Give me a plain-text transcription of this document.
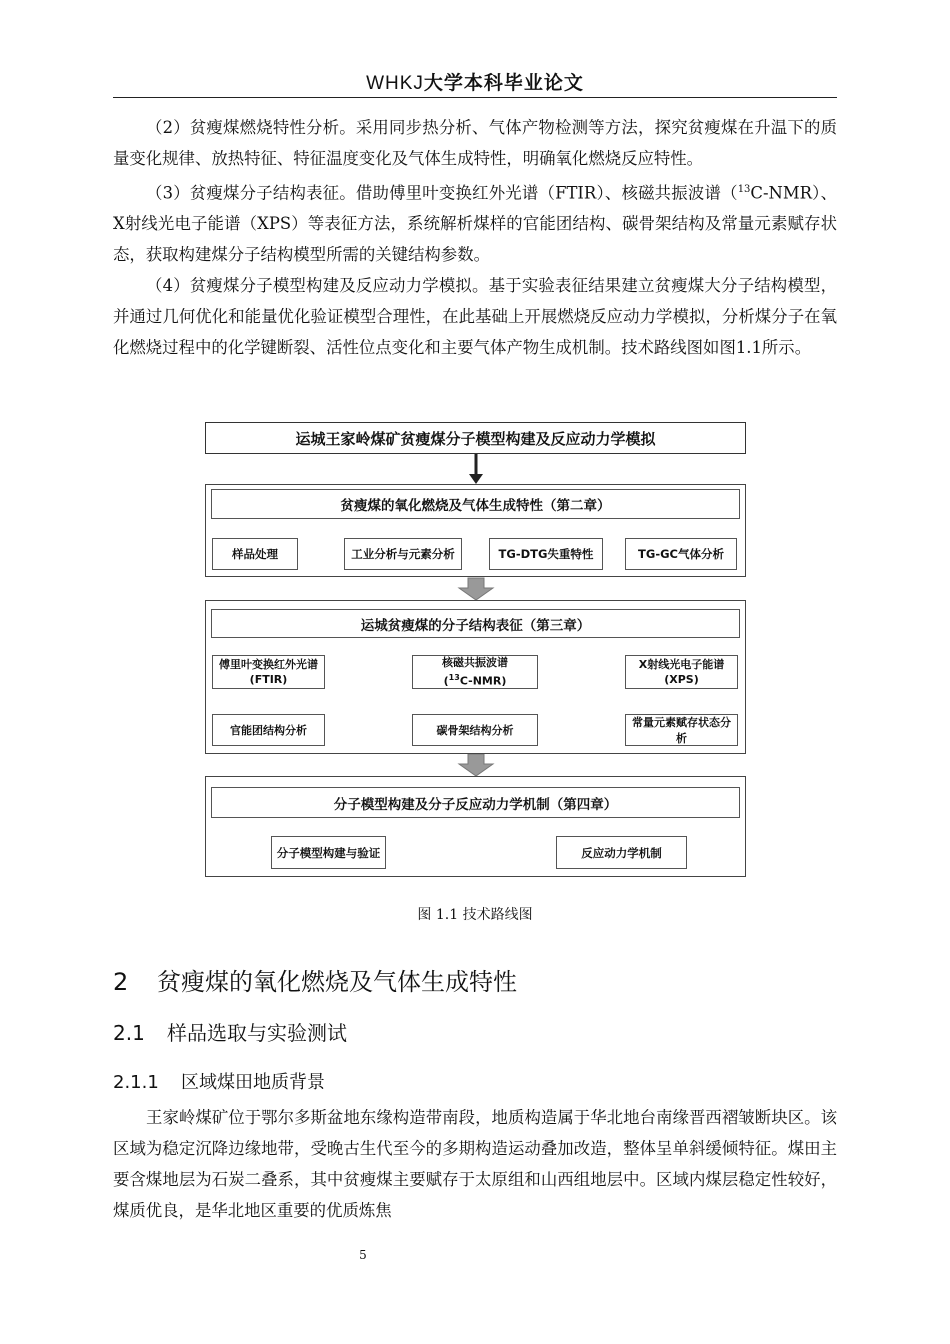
WHKJ大学本科毕业论文

（2）贫瘦煤燃烧特性分析。采用同步热分析、气体产物检测等方法，探究贫瘦煤在升温下的质量变化规律、放热特征、特征温度变化及气体生成特性，明确氧化燃烧反应特性。

（3）贫瘦煤分子结构表征。借助傅里叶变换红外光谱（FTIR）、核磁共振波谱（$^{13}$C-NMR）、X射线光电子能谱（XPS）等表征方法，系统解析煤样的官能团结构、碳骨架结构及常量元素赋存状态，获取构建煤分子结构模型所需的关键结构参数。

（4）贫瘦煤分子模型构建及反应动力学模拟。基于实验表征结果建立贫瘦煤大分子结构模型，并通过几何优化和能量优化验证模型合理性，在此基础上开展燃烧反应动力学模拟，分析煤分子在氧化燃烧过程中的化学键断裂、活性位点变化和主要气体产物生成机制。技术路线图如图1.1所示。

运城王家岭煤矿贫瘦煤分子模型构建及反应动力学模拟
贫瘦煤的氧化燃烧及气体生成特性（第二章）
样品处理	工业分析与元素分析	TG-DTG失重特性	TG-GC气体分析
运城贫瘦煤的分子结构表征（第三章）
傅里叶变换红外光谱
(FTIR)
核磁共振波谱
($^{13}$C-NMR)
X射线光电子能谱
(XPS)
官能团结构分析	碳骨架结构分析
常量元素赋存状态分析
分子模型构建及分子反应动力学机制（第四章）
分子模型构建与验证	反应动力学机制
图 1.1 技术路线图
2 贫瘦煤的氧化燃烧及气体生成特性
2.1 样品选取与实验测试
2.1.1 区域煤田地质背景

王家岭煤矿位于鄂尔多斯盆地东缘构造带南段，地质构造属于华北地台南缘晋西褶皱断块区。该区域为稳定沉降边缘地带，受晚古生代至今的多期构造运动叠加改造，整体呈单斜缓倾特征。煤田主要含煤地层为石炭二叠系，其中贫瘦煤主要赋存于太原组和山西组地层中。区域内煤层稳定性较好，煤质优良，是华北地区重要的优质炼焦

5
